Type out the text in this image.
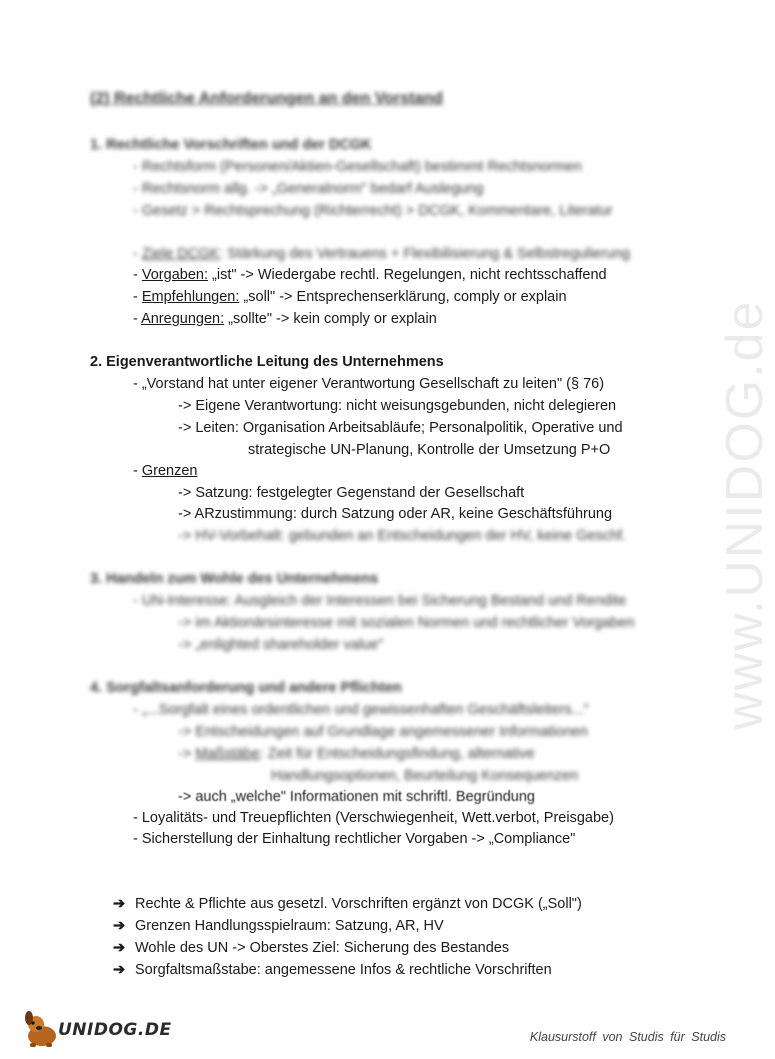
www.UNIDOG.de
(2) Rechtliche Anforderungen an den Vorstand
1. Rechtliche Vorschriften und der DCGK
- Rechtsform (Personen/Aktien-Gesellschaft) bestimmt Rechtsnormen
- Rechtsnorm allg. -> „Generalnorm" bedarf Auslegung
- Gesetz > Rechtsprechung (Richterrecht) > DCGK, Kommentare, Literatur
- Ziele DCGK: Stärkung des Vertrauens + Flexibilisierung & Selbstregulierung
- Vorgaben: „ist" -> Wiedergabe rechtl. Regelungen, nicht rechtsschaffend
- Empfehlungen: „soll" -> Entsprechenserklärung, comply or explain
- Anregungen: „sollte" -> kein comply or explain
2. Eigenverantwortliche Leitung des Unternehmens
- „Vorstand hat unter eigener Verantwortung Gesellschaft zu leiten" (§ 76)
-> Eigene Verantwortung: nicht weisungsgebunden, nicht delegieren
-> Leiten: Organisation Arbeitsabläufe; Personalpolitik, Operative und
strategische UN-Planung, Kontrolle der Umsetzung P+O
- Grenzen
-> Satzung: festgelegter Gegenstand der Gesellschaft
-> ARzustimmung: durch Satzung oder AR, keine Geschäftsführung
-> HV-Vorbehalt: gebunden an Entscheidungen der HV, keine Geschf.
3. Handeln zum Wohle des Unternehmens
- UN-Interesse: Ausgleich der Interessen bei Sicherung Bestand und Rendite
-> im Aktionärsinteresse mit sozialen Normen und rechtlicher Vorgaben
-> „enlighted shareholder value"
4. Sorgfaltsanforderung und andere Pflichten
- „...Sorgfalt eines ordentlichen und gewissenhaften Geschäftsleiters..."
-> Entscheidungen auf Grundlage angemessener Informationen
-> Maßstäbe: Zeit für Entscheidungsfindung, alternative
Handlungsoptionen, Beurteilung Konsequenzen
-> auch „welche" Informationen mit schriftl. Begründung
- Loyalitäts- und Treuepflichten (Verschwiegenheit, Wett.verbot, Preisgabe)
- Sicherstellung der Einhaltung rechtlicher Vorgaben -> „Compliance"
➔ Rechte & Pflichte aus gesetzl. Vorschriften ergänzt von DCGK („Soll")
➔ Grenzen Handlungsspielraum: Satzung, AR, HV
➔ Wohle des UN -> Oberstes Ziel: Sicherung des Bestandes
➔ Sorgfaltsmaßstabe: angemessene Infos & rechtliche Vorschriften
UNIDOG.DE	Klausurstoff von Studis für Studis
